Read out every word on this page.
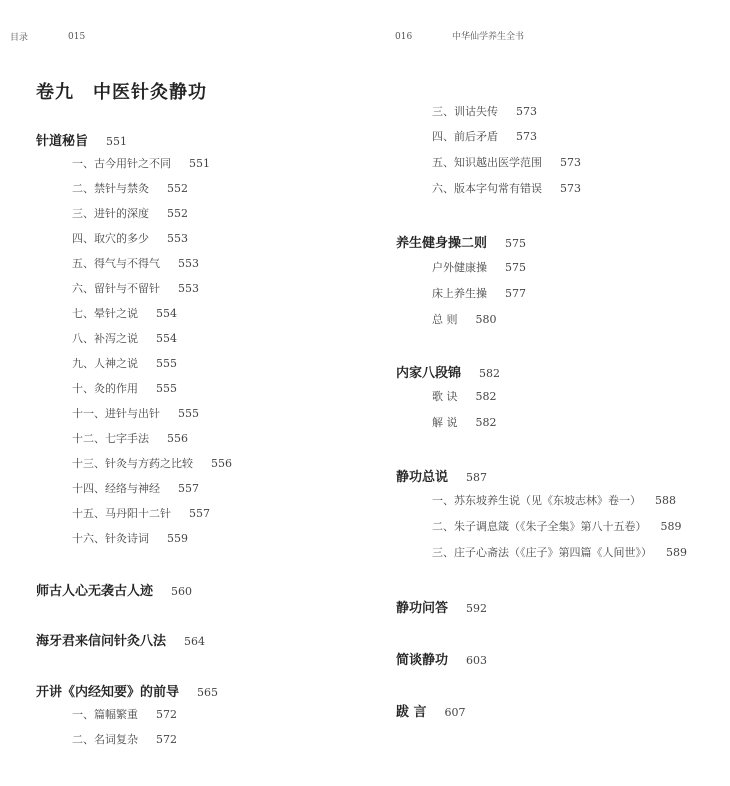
目录	015	016	中华仙学养生全书
卷九　中医针灸静功
针道秘旨 551
一、古今用针之不同 551
二、禁针与禁灸 552
三、进针的深度 552
四、取穴的多少 553
五、得气与不得气 553
六、留针与不留针 553
七、晕针之说 554
八、补泻之说 554
九、人神之说 555
十、灸的作用 555
十一、进针与出针 555
十二、七字手法 556
十三、针灸与方药之比较 556
十四、经络与神经 557
十五、马丹阳十二针 557
十六、针灸诗词 559
师古人心无袭古人迹 560
海牙君来信问针灸八法 564
开讲《内经知要》的前导 565
一、篇幅繁重 572
二、名词复杂 572
三、训诂失传 573
四、前后矛盾 573
五、知识越出医学范围 573
六、版本字句常有错误 573
养生健身操二则 575
户外健康操 575
床上养生操 577
总 则 580
内家八段锦 582
歌 诀 582
解 说 582
静功总说 587
一、苏东坡养生说（见《东坡志林》卷一） 588
二、朱子调息箴（《朱子全集》第八十五卷） 589
三、庄子心斋法（《庄子》第四篇《人间世》） 589
静功问答 592
简谈静功 603
跋 言 607
